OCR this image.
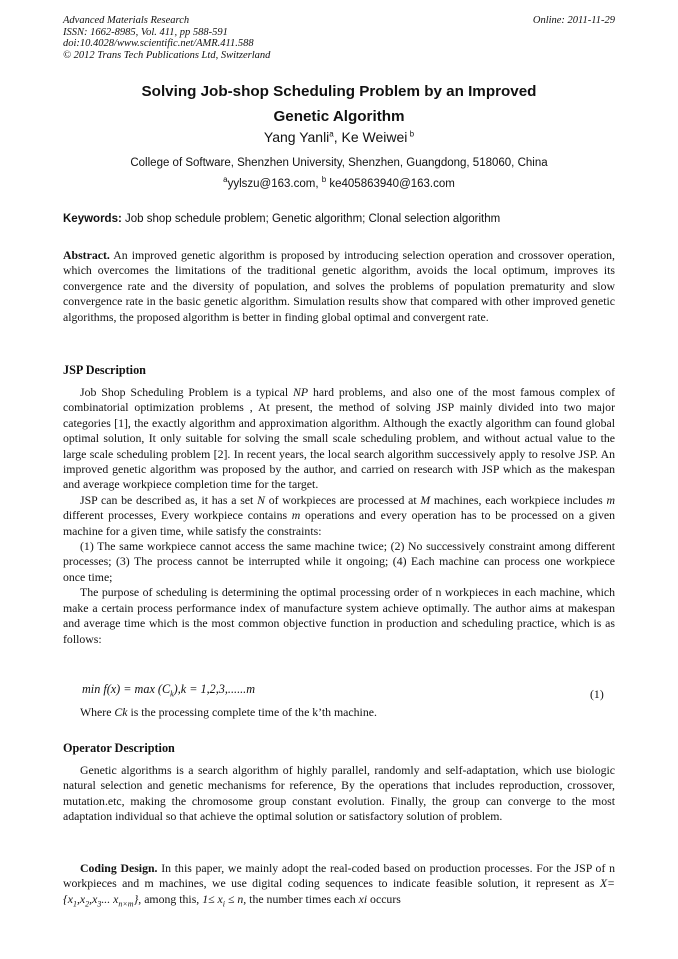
Advanced Materials Research
ISSN: 1662-8985, Vol. 411, pp 588-591
doi:10.4028/www.scientific.net/AMR.411.588
© 2012 Trans Tech Publications Ltd, Switzerland
Online: 2011-11-29
Solving Job-shop Scheduling Problem by an Improved
Genetic Algorithm
Yang Yanli$^a$, Ke Weiwei $^b$
College of Software, Shenzhen University, Shenzhen, Guangdong, 518060, China
$^a$yylszu@163.com, $^b$ ke405863940@163.com
Keywords: Job shop schedule problem; Genetic algorithm; Clonal selection algorithm

Abstract. An improved genetic algorithm is proposed by introducing selection operation and crossover operation, which overcomes the limitations of the traditional genetic algorithm, avoids the local optimum, improves its convergence rate and the diversity of population, and solves the problems of population prematurity and slow convergence rate in the basic genetic algorithm. Simulation results show that compared with other improved genetic algorithms, the proposed algorithm is better in finding global optimal and convergent rate.

JSP Description

Job Shop Scheduling Problem is a typical NP hard problems, and also one of the most famous complex of combinatorial optimization problems , At present, the method of solving JSP mainly divided into two major categories [1], the exactly algorithm and approximation algorithm. Although the exactly algorithm can found global optimal solution, It only suitable for solving the small scale scheduling problem, and without actual value to the large scale scheduling problem [2]. In recent years, the local search algorithm successively apply to resolve JSP. An improved genetic algorithm was proposed by the author, and carried on research with JSP which as the makespan and average workpiece completion time for the target.

JSP can be described as, it has a set N of workpieces are processed at M machines, each workpiece includes m different processes, Every workpiece contains m operations and every operation has to be processed on a given machine for a given time, while satisfy the constraints:

(1) The same workpiece cannot access the same machine twice; (2) No successively constraint among different processes; (3) The process cannot be interrupted while it ongoing; (4) Each machine can process one workpiece once time;

The purpose of scheduling is determining the optimal processing order of n workpieces in each machine, which make a certain process performance index of manufacture system achieve optimally. The author aims at makespan and average time which is the most common objective function in production and scheduling practice, which is as follows:

$\min f(x) = \max (C_k),k = 1,2,3,......m$	(1)
Where Ck is the processing complete time of the k’th machine.
Operator Description

Genetic algorithms is a search algorithm of highly parallel, randomly and self-adaptation, which use biologic natural selection and genetic mechanisms for reference, By the operations that includes reproduction, crossover, mutation.etc, making the chromosome group constant evolution. Finally, the group can converge to the most adaptation individual so that achieve the optimal solution or satisfactory solution of problem.

Coding Design. In this paper, we mainly adopt the real-coded based on production processes. For the JSP of n workpieces and m machines, we use digital coding sequences to indicate feasible solution, it represent as $X=\{x_1,x_2,x_3$... $x_{n\times m}$}, among this, $1\le x_i \le n$, the number times each xi occurs
